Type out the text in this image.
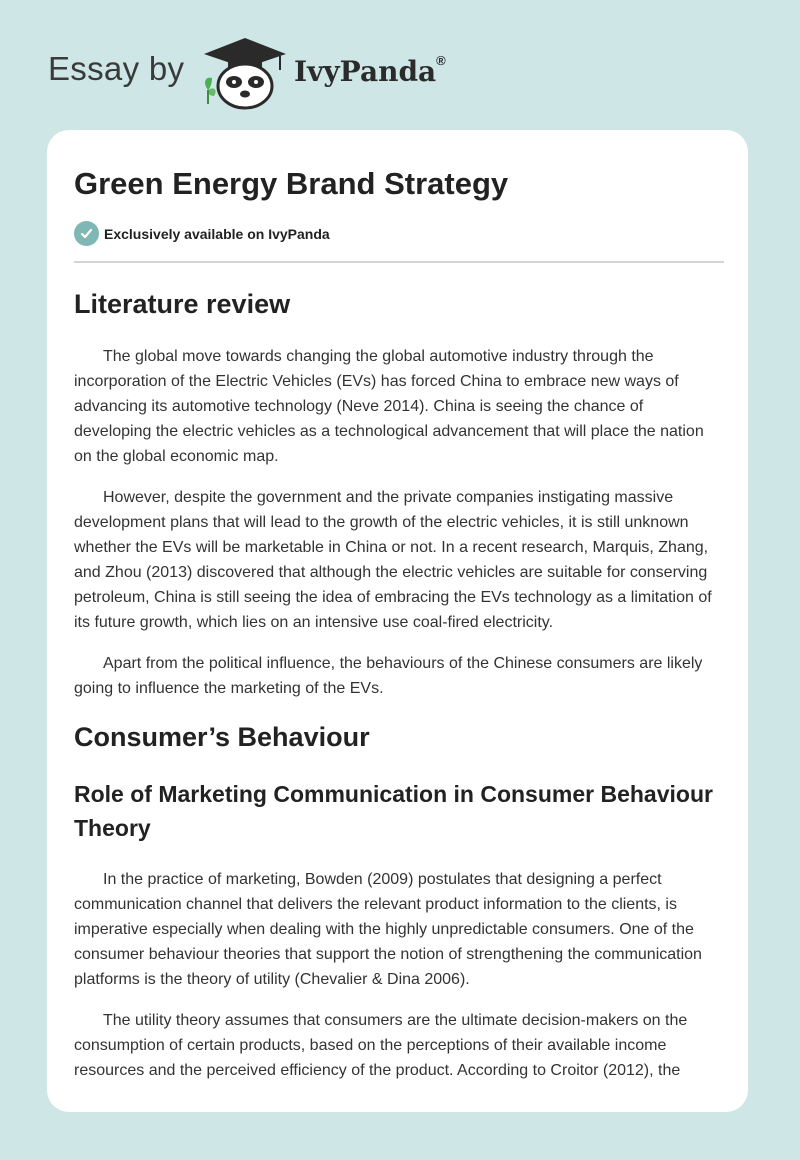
Essay by	IvyPanda®
Green Energy Brand Strategy
Exclusively available on IvyPanda
Literature review

The global move towards changing the global automotive industry through the incorporation of the Electric Vehicles (EVs) has forced China to embrace new ways of advancing its automotive technology (Neve 2014). China is seeing the chance of developing the electric vehicles as a technological advancement that will place the nation on the global economic map.

However, despite the government and the private companies instigating massive development plans that will lead to the growth of the electric vehicles, it is still unknown whether the EVs will be marketable in China or not. In a recent research, Marquis, Zhang, and Zhou (2013) discovered that although the electric vehicles are suitable for conserving petroleum, China is still seeing the idea of embracing the EVs technology as a limitation of its future growth, which lies on an intensive use coal-fired electricity.

Apart from the political influence, the behaviours of the Chinese consumers are likely going to influence the marketing of the EVs.

Consumer’s Behaviour
Role of Marketing Communication in Consumer Behaviour Theory

In the practice of marketing, Bowden (2009) postulates that designing a perfect communication channel that delivers the relevant product information to the clients, is imperative especially when dealing with the highly unpredictable consumers. One of the consumer behaviour theories that support the notion of strengthening the communication platforms is the theory of utility (Chevalier & Dina 2006).

The utility theory assumes that consumers are the ultimate decision-makers on the consumption of certain products, based on the perceptions of their available income resources and the perceived efficiency of the product. According to Croitor (2012), the
